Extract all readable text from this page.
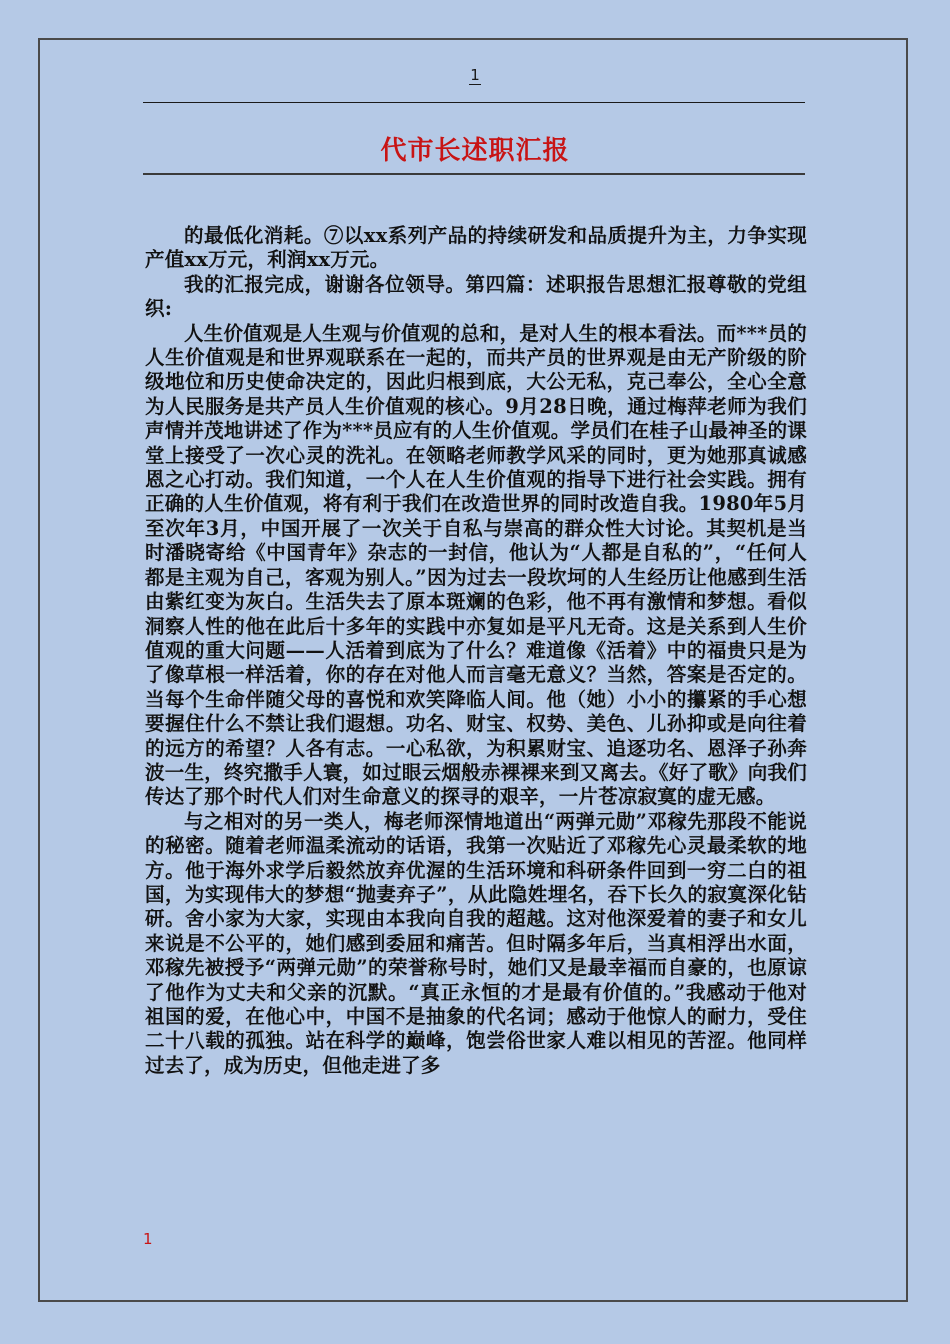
1
代市长述职汇报

的最低化消耗。⑦以xx系列产品的持续研发和品质提升为主，力争实现产值xx万元，利润xx万元。

我的汇报完成，谢谢各位领导。第四篇：述职报告思想汇报尊敬的党组织:

人生价值观是人生观与价值观的总和，是对人生的根本看法。而***员的人生价值观是和世界观联系在一起的，而共产员的世界观是由无产阶级的阶级地位和历史使命决定的，因此归根到底，大公无私，克己奉公，全心全意为人民服务是共产员人生价值观的核心。9月28日晚，通过梅萍老师为我们声情并茂地讲述了作为***员应有的人生价值观。学员们在桂子山最神圣的课堂上接受了一次心灵的洗礼。在领略老师教学风采的同时，更为她那真诚感恩之心打动。我们知道，一个人在人生价值观的指导下进行社会实践。拥有正确的人生价值观，将有利于我们在改造世界的同时改造自我。1980年5月至次年3月，中国开展了一次关于自私与崇高的群众性大讨论。其契机是当时潘晓寄给《中国青年》杂志的一封信，他认为“人都是自私的”，“任何人都是主观为自己，客观为别人。”因为过去一段坎坷的人生经历让他感到生活由紫红变为灰白。生活失去了原本斑斓的色彩，他不再有激情和梦想。看似洞察人性的他在此后十多年的实践中亦复如是平凡无奇。这是关系到人生价值观的重大问题——人活着到底为了什么？难道像《活着》中的福贵只是为了像草根一样活着，你的存在对他人而言毫无意义？当然，答案是否定的。当每个生命伴随父母的喜悦和欢笑降临人间。他（她）小小的攥紧的手心想要握住什么不禁让我们遐想。功名、财宝、权势、美色、儿孙抑或是向往着的远方的希望？人各有志。一心私欲，为积累财宝、追逐功名、恩泽子孙奔波一生，终究撒手人寰，如过眼云烟般赤裸裸来到又离去。《好了歌》向我们传达了那个时代人们对生命意义的探寻的艰辛，一片苍凉寂寞的虚无感。

与之相对的另一类人，梅老师深情地道出“两弹元勋”邓稼先那段不能说的秘密。随着老师温柔流动的话语，我第一次贴近了邓稼先心灵最柔软的地方。他于海外求学后毅然放弃优渥的生活环境和科研条件回到一穷二白的祖国，为实现伟大的梦想“抛妻弃子”，从此隐姓埋名，吞下长久的寂寞深化钻研。舍小家为大家，实现由本我向自我的超越。这对他深爱着的妻子和女儿来说是不公平的，她们感到委屈和痛苦。但时隔多年后，当真相浮出水面，邓稼先被授予“两弹元勋”的荣誉称号时，她们又是最幸福而自豪的，也原谅了他作为丈夫和父亲的沉默。“真正永恒的才是最有价值的。”我感动于他对祖国的爱，在他心中，中国不是抽象的代名词；感动于他惊人的耐力，受住二十八载的孤独。站在科学的巅峰，饱尝俗世家人难以相见的苦涩。他同样过去了，成为历史，但他走进了多

1
